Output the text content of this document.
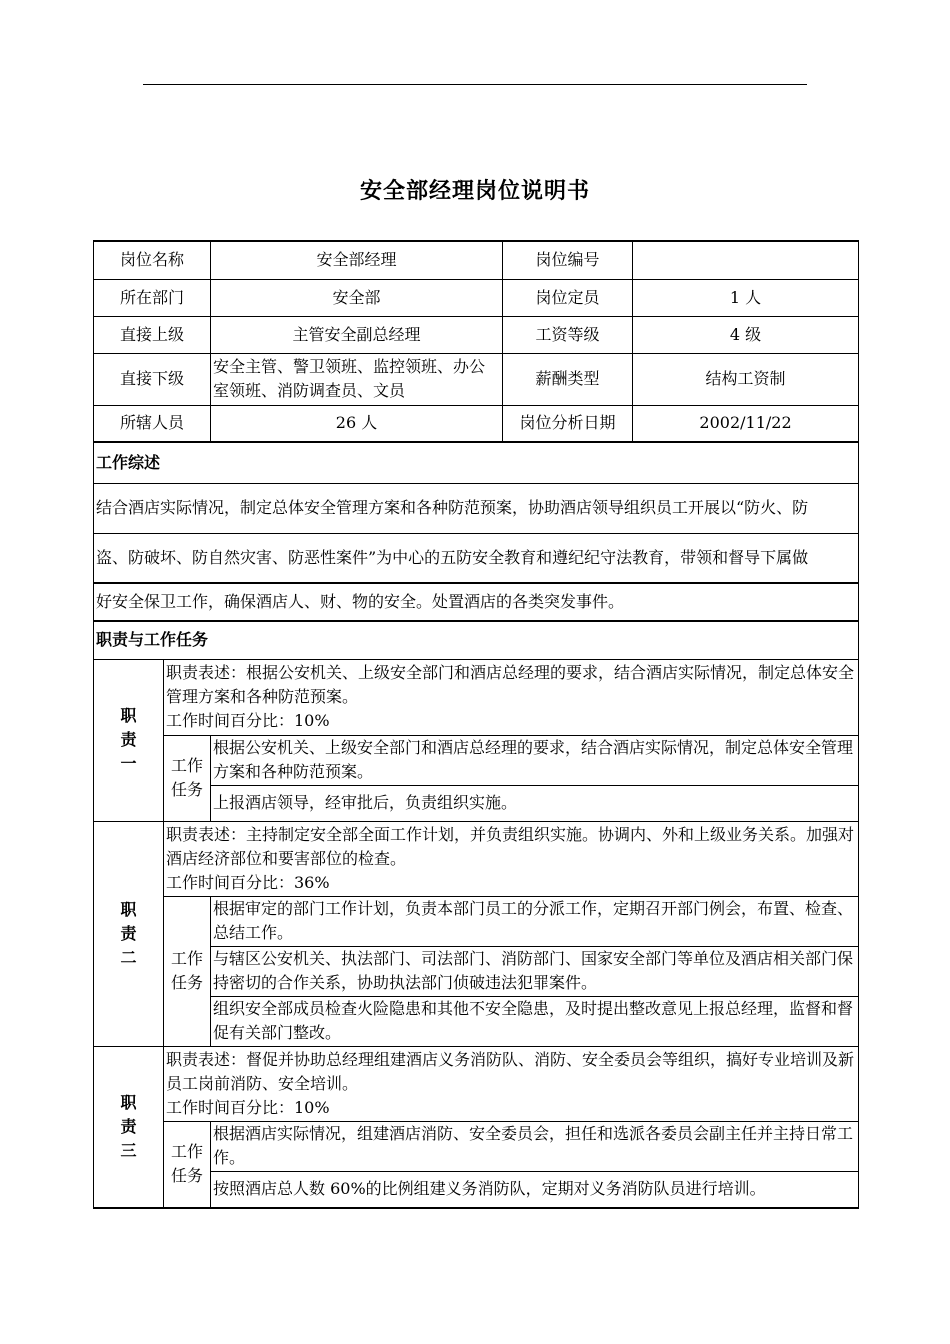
安全部经理岗位说明书
岗位名称		安全部经理	岗位编号	
所在部门		安全部	岗位定员	1 人
直接上级		主管安全副总经理	工资等级	4 级
直接下级		安全主管、警卫领班、监控领班、办公室领班、消防调查员、文员	薪酬类型	结构工资制
所辖人员		26 人	岗位分析日期	2002/11/22
工作综述				
结合酒店实际情况，制定总体安全管理方案和各种防范预案，协助酒店领导组织员工开展以“防火、防				
盗、防破坏、防自然灾害、防恶性案件”为中心的五防安全教育和遵纪纪守法教育，带领和督导下属做				
好安全保卫工作，确保酒店人、财、物的安全。处置酒店的各类突发事件。				
职责与工作任务				

职责一	职责表述：根据公安机关、上级安全部门和酒店总经理的要求，结合酒店实际情况，制定总体安全管理方案和各种防范预案。
工作时间百分比：10%			

	工作任务	根据公安机关、上级安全部门和酒店总经理的要求，结合酒店实际情况，制定总体安全管理方案和各种防范预案。		
		上报酒店领导，经审批后，负责组织实施。		

职责二	职责表述：主持制定安全部全面工作计划，并负责组织实施。协调内、外和上级业务关系。加强对酒店经济部位和要害部位的检查。
工作时间百分比：36%			

	工作任务	根据审定的部门工作计划，负责本部门员工的分派工作，定期召开部门例会，布置、检查、总结工作。		
		与辖区公安机关、执法部门、司法部门、消防部门、国家安全部门等单位及酒店相关部门保持密切的合作关系，协助执法部门侦破违法犯罪案件。		
		组织安全部成员检查火险隐患和其他不安全隐患，及时提出整改意见上报总经理，监督和督促有关部门整改。		

职责三	职责表述：督促并协助总经理组建酒店义务消防队、消防、安全委员会等组织，搞好专业培训及新员工岗前消防、安全培训。
工作时间百分比：10%			

	工作任务	根据酒店实际情况，组建酒店消防、安全委员会，担任和选派各委员会副主任并主持日常工作。		
		按照酒店总人数 60%的比例组建义务消防队，定期对义务消防队员进行培训。		
